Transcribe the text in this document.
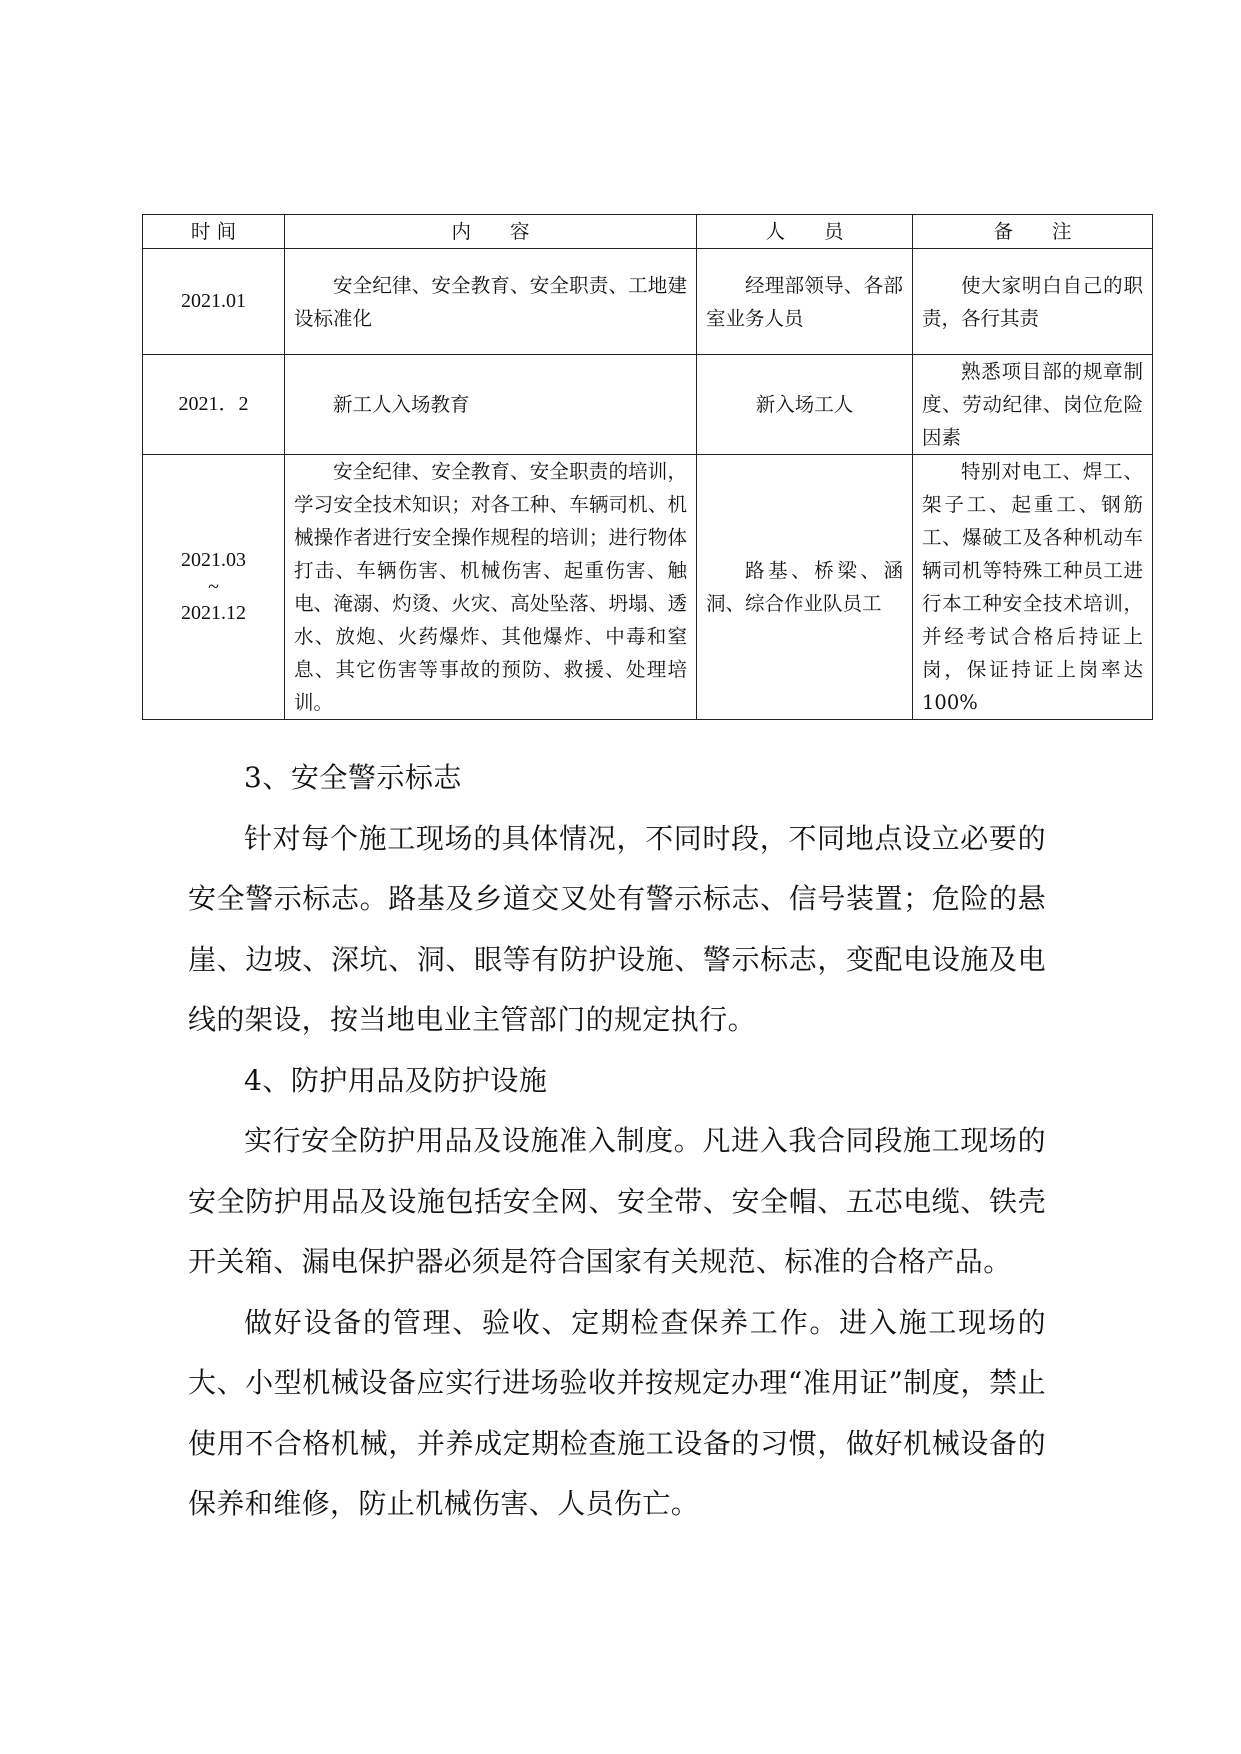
时 间	内　　容	人　　员	备　　注
2021.01	安全纪律、安全教育、安全职责、工地建设标准化	经理部领导、各部室业务人员	使大家明白自己的职责，各行其责

2021．2	新工人入场教育	新入场工人	熟悉项目部的规章制度、劳动纪律、岗位危险因素

2021.03
~
2021.12	安全纪律、安全教育、安全职责的培训，学习安全技术知识；对各工种、车辆司机、机械操作者进行安全操作规程的培训；进行物体打击、车辆伤害、机械伤害、起重伤害、触电、淹溺、灼烫、火灾、高处坠落、坍塌、透水、放炮、火药爆炸、其他爆炸、中毒和窒息、其它伤害等事故的预防、救援、处理培训。	路基、桥梁、涵洞、综合作业队员工	特别对电工、焊工、架子工、起重工、钢筋工、爆破工及各种机动车辆司机等特殊工种员工进行本工种安全技术培训，并经考试合格后持证上岗，保证持证上岗率达 100%

3、安全警示标志

针对每个施工现场的具体情况，不同时段，不同地点设立必要的安全警示标志。路基及乡道交叉处有警示标志、信号装置；危险的悬崖、边坡、深坑、洞、眼等有防护设施、警示标志，变配电设施及电线的架设，按当地电业主管部门的规定执行。

4、防护用品及防护设施

实行安全防护用品及设施准入制度。凡进入我合同段施工现场的安全防护用品及设施包括安全网、安全带、安全帽、五芯电缆、铁壳开关箱、漏电保护器必须是符合国家有关规范、标准的合格产品。

做好设备的管理、验收、定期检查保养工作。进入施工现场的大、小型机械设备应实行进场验收并按规定办理“准用证”制度，禁止使用不合格机械，并养成定期检查施工设备的习惯，做好机械设备的保养和维修，防止机械伤害、人员伤亡。
